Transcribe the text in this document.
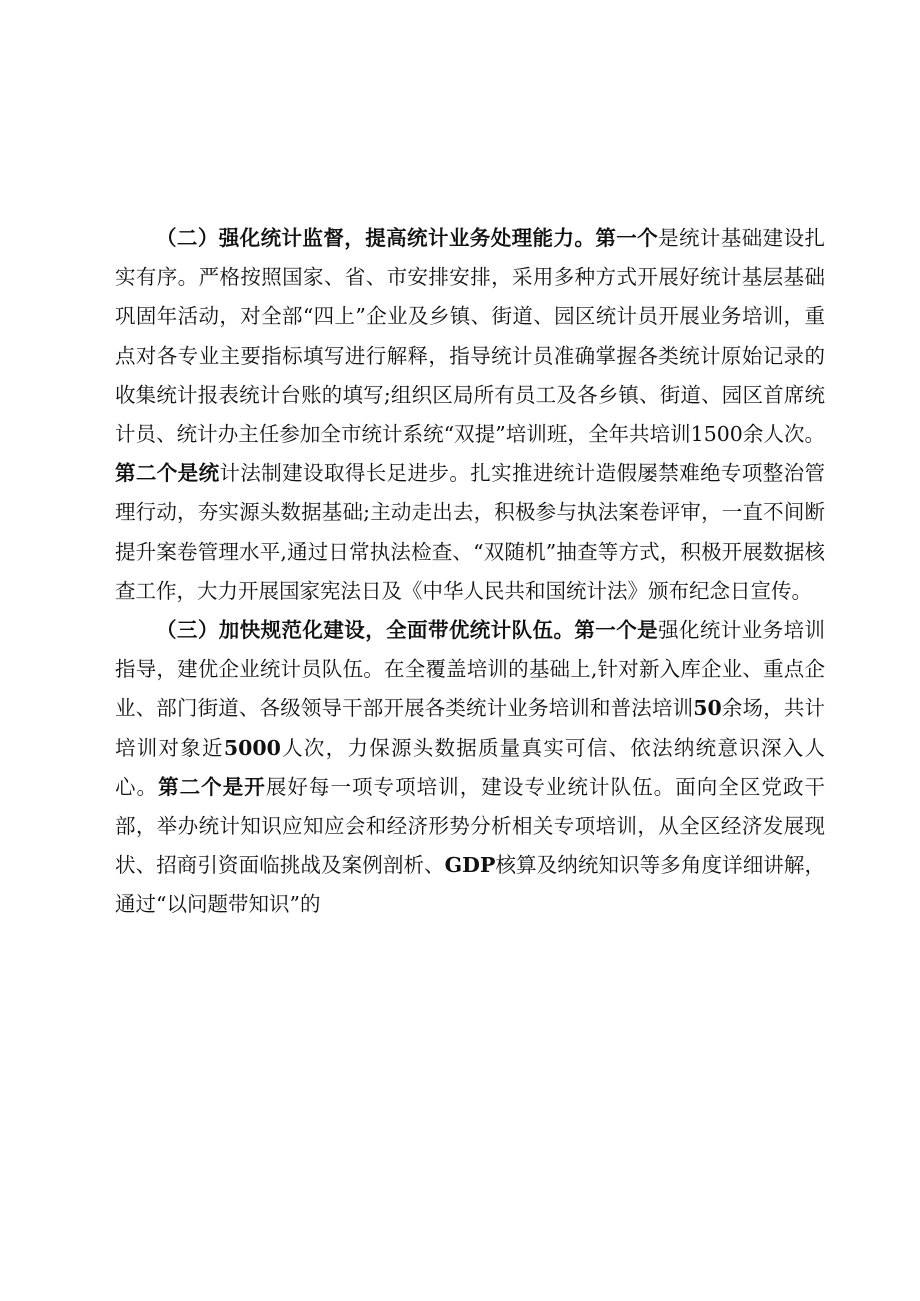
（二）强化统计监督，提高统计业务处理能力。第一个是统计基础建设扎实有序。严格按照国家、省、市安排安排，采用多种方式开展好统计基层基础巩固年活动，对全部“四上”企业及乡镇、街道、园区统计员开展业务培训，重点对各专业主要指标填写进行解释，指导统计员准确掌握各类统计原始记录的收集统计报表统计台账的填写;组织区局所有员工及各乡镇、街道、园区首席统计员、统计办主任参加全市统计系统“双提”培训班，全年共培训1500余人次。第二个是统计法制建设取得长足进步。扎实推进统计造假屡禁难绝专项整治管理行动，夯实源头数据基础;主动走出去，积极参与执法案卷评审，一直不间断提升案卷管理水平,通过日常执法检查、“双随机”抽查等方式，积极开展数据核查工作，大力开展国家宪法日及《中华人民共和国统计法》颁布纪念日宣传。

（三）加快规范化建设，全面带优统计队伍。第一个是强化统计业务培训指导，建优企业统计员队伍。在全覆盖培训的基础上,针对新入库企业、重点企业、部门街道、各级领导干部开展各类统计业务培训和普法培训50余场，共计培训对象近5000人次，力保源头数据质量真实可信、依法纳统意识深入人心。第二个是开展好每一项专项培训，建设专业统计队伍。面向全区党政干部，举办统计知识应知应会和经济形势分析相关专项培训，从全区经济发展现状、招商引资面临挑战及案例剖析、GDP核算及纳统知识等多角度详细讲解，通过“以问题带知识”的
